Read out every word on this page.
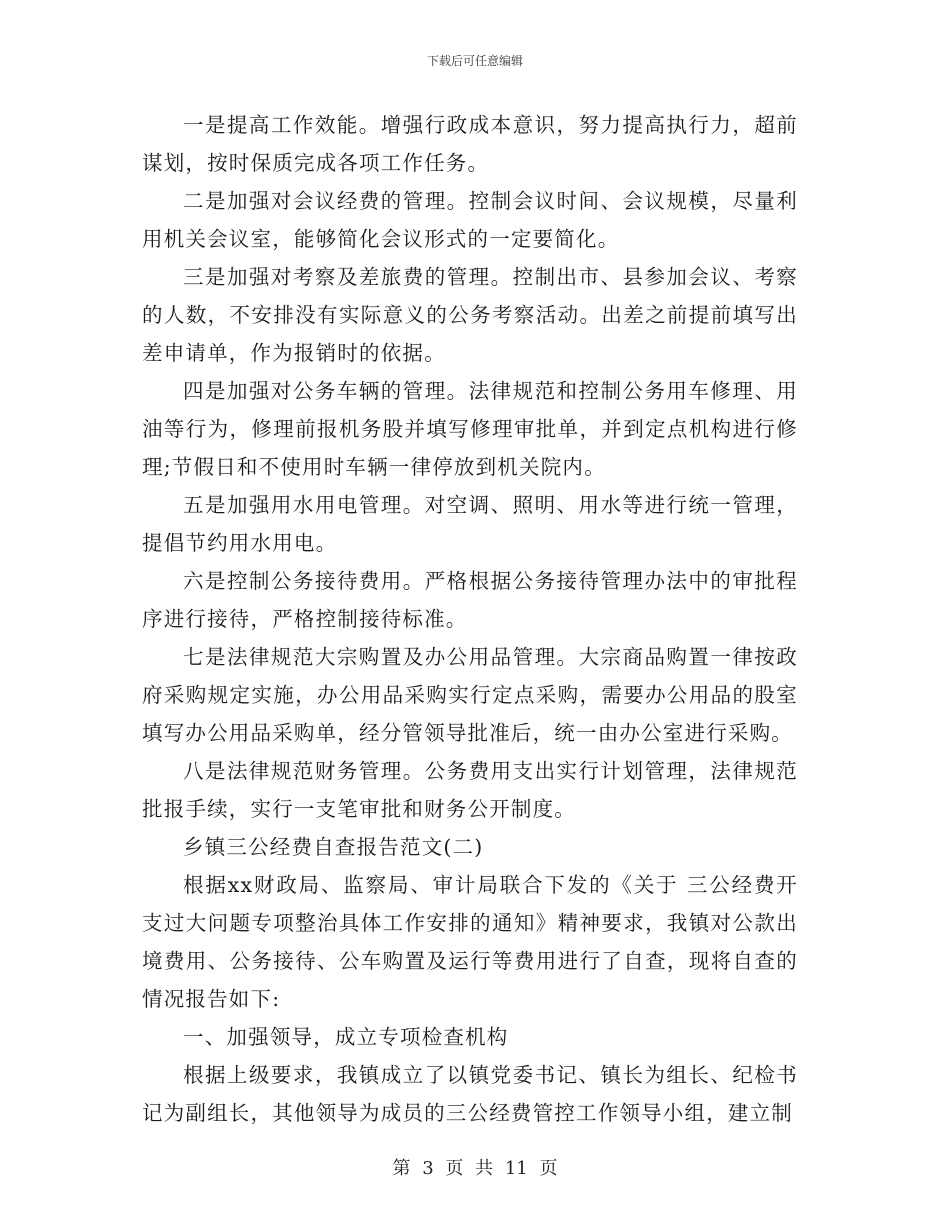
下载后可任意编辑

一是提高工作效能。增强行政成本意识，努力提高执行力，超前谋划，按时保质完成各项工作任务。

二是加强对会议经费的管理。控制会议时间、会议规模，尽量利用机关会议室，能够简化会议形式的一定要简化。

三是加强对考察及差旅费的管理。控制出市、县参加会议、考察的人数，不安排没有实际意义的公务考察活动。出差之前提前填写出差申请单，作为报销时的依据。

四是加强对公务车辆的管理。法律规范和控制公务用车修理、用油等行为，修理前报机务股并填写修理审批单，并到定点机构进行修理;节假日和不使用时车辆一律停放到机关院内。

五是加强用水用电管理。对空调、照明、用水等进行统一管理，提倡节约用水用电。

六是控制公务接待费用。严格根据公务接待管理办法中的审批程序进行接待，严格控制接待标准。

七是法律规范大宗购置及办公用品管理。大宗商品购置一律按政府采购规定实施，办公用品采购实行定点采购，需要办公用品的股室填写办公用品采购单，经分管领导批准后，统一由办公室进行采购。

八是法律规范财务管理。公务费用支出实行计划管理，法律规范批报手续，实行一支笔审批和财务公开制度。

乡镇三公经费自查报告范文(二)

根据xx财政局、监察局、审计局联合下发的《关于 三公经费开支过大问题专项整治具体工作安排的通知》精神要求，我镇对公款出境费用、公务接待、公车购置及运行等费用进行了自查，现将自查的情况报告如下:

一、加强领导，成立专项检查机构

根据上级要求，我镇成立了以镇党委书记、镇长为组长、纪检书记为副组长，其他领导为成员的三公经费管控工作领导小组，建立制

第 3 页 共 11 页
